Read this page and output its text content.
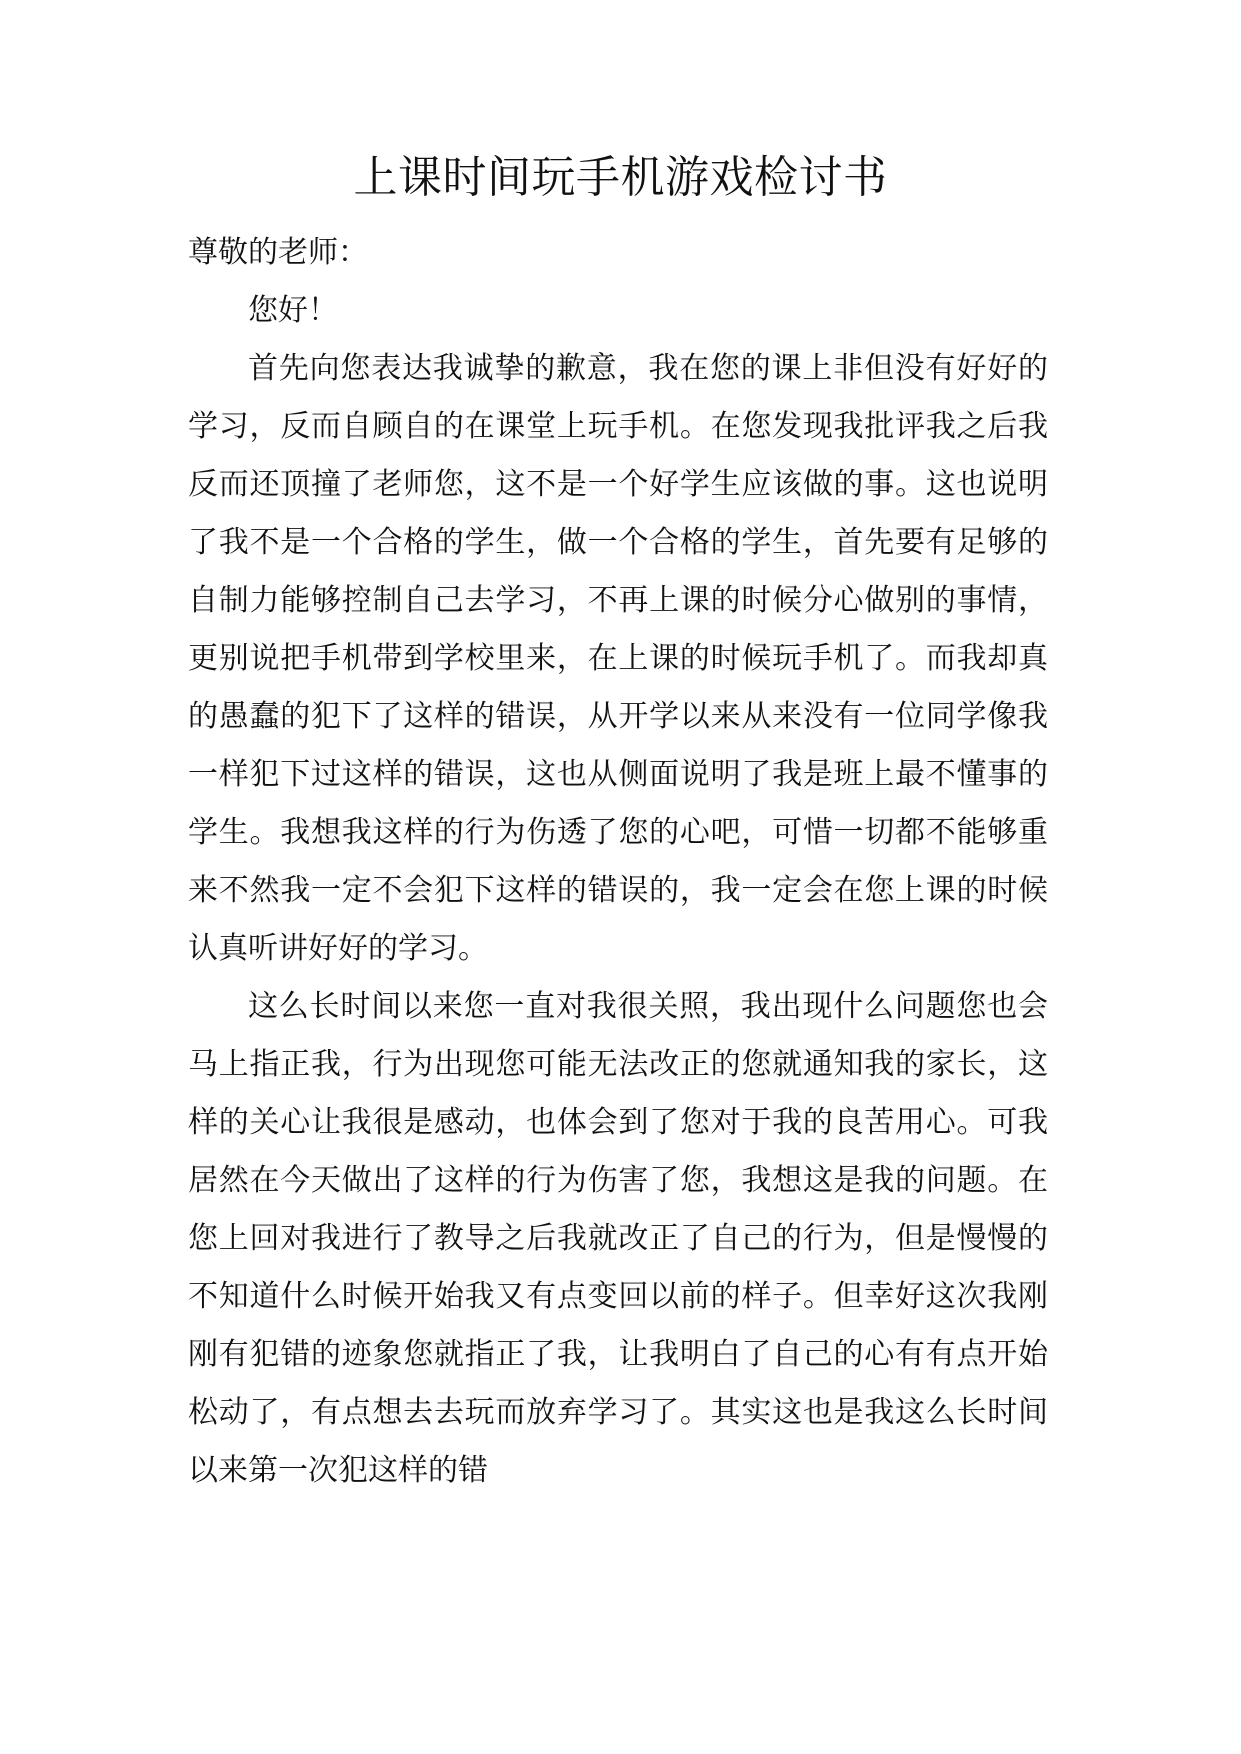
上课时间玩手机游戏检讨书

尊敬的老师：

您好！

首先向您表达我诚挚的歉意，我在您的课上非但没有好好的学习，反而自顾自的在课堂上玩手机。在您发现我批评我之后我反而还顶撞了老师您，这不是一个好学生应该做的事。这也说明了我不是一个合格的学生，做一个合格的学生，首先要有足够的自制力能够控制自己去学习，不再上课的时候分心做别的事情，更别说把手机带到学校里来，在上课的时候玩手机了。而我却真的愚蠢的犯下了这样的错误，从开学以来从来没有一位同学像我一样犯下过这样的错误，这也从侧面说明了我是班上最不懂事的学生。我想我这样的行为伤透了您的心吧，可惜一切都不能够重来不然我一定不会犯下这样的错误的，我一定会在您上课的时候认真听讲好好的学习。

这么长时间以来您一直对我很关照，我出现什么问题您也会马上指正我，行为出现您可能无法改正的您就通知我的家长，这样的关心让我很是感动，也体会到了您对于我的良苦用心。可我居然在今天做出了这样的行为伤害了您，我想这是我的问题。在您上回对我进行了教导之后我就改正了自己的行为，但是慢慢的不知道什么时候开始我又有点变回以前的样子。但幸好这次我刚刚有犯错的迹象您就指正了我，让我明白了自己的心有有点开始松动了，有点想去去玩而放弃学习了。其实这也是我这么长时间以来第一次犯这样的错
